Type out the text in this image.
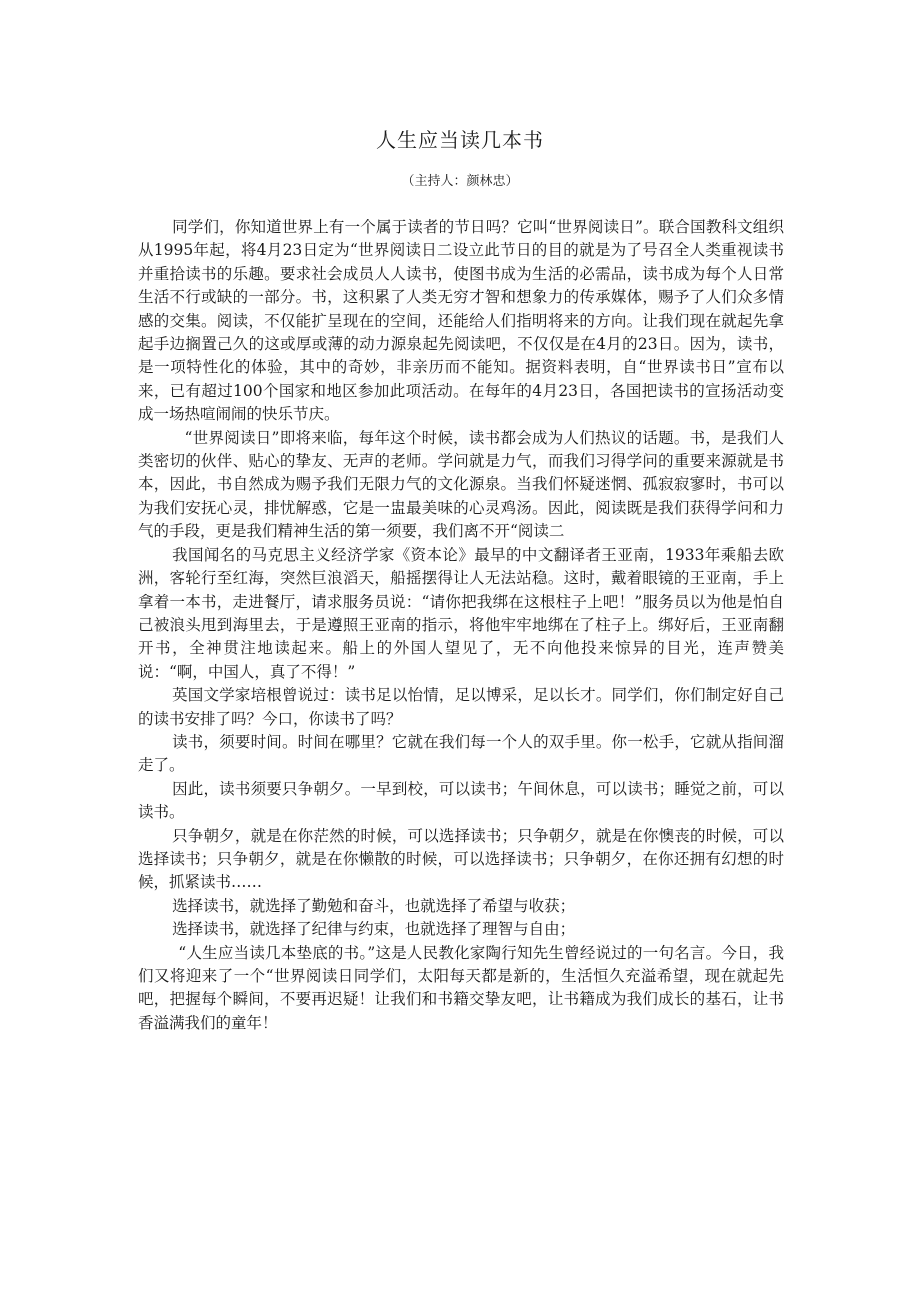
人生应当读几本书

（主持人：颜林忠）

同学们，你知道世界上有一个属于读者的节日吗？它叫“世界阅读日”。联合国教科文组织从1995年起，将4月23日定为“世界阅读日二设立此节日的目的就是为了号召全人类重视读书并重拾读书的乐趣。要求社会成员人人读书，使图书成为生活的必需品，读书成为每个人日常生活不行或缺的一部分。书，这积累了人类无穷才智和想象力的传承媒体，赐予了人们众多情感的交集。阅读，不仅能扩呈现在的空间，还能给人们指明将来的方向。让我们现在就起先拿起手边搁置己久的这或厚或薄的动力源泉起先阅读吧，不仅仅是在4月的23日。因为，读书，是一项特性化的体验，其中的奇妙，非亲历而不能知。据资料表明，自“世界读书日”宣布以来，已有超过100个国家和地区参加此项活动。在每年的4月23日，各国把读书的宣扬活动变成一场热喧闹闹的快乐节庆。

“世界阅读日”即将来临，每年这个时候，读书都会成为人们热议的话题。书，是我们人类密切的伙伴、贴心的挚友、无声的老师。学问就是力气，而我们习得学问的重要来源就是书本，因此，书自然成为赐予我们无限力气的文化源泉。当我们怀疑迷惘、孤寂寂寥时，书可以为我们安抚心灵，排忧解惑，它是一盅最美味的心灵鸡汤。因此，阅读既是我们获得学问和力气的手段，更是我们精神生活的第一须要，我们离不开“阅读二

我国闻名的马克思主义经济学家《资本论》最早的中文翻译者王亚南，1933年乘船去欧洲，客轮行至红海，突然巨浪滔天，船摇摆得让人无法站稳。这时，戴着眼镜的王亚南，手上拿着一本书，走进餐厅，请求服务员说：“请你把我绑在这根柱子上吧！”服务员以为他是怕自己被浪头甩到海里去，于是遵照王亚南的指示，将他牢牢地绑在了柱子上。绑好后，王亚南翻开书，全神贯注地读起来。船上的外国人望见了，无不向他投来惊异的目光，连声赞美说：“啊，中国人，真了不得！”

英国文学家培根曾说过：读书足以怡情，足以博采，足以长才。同学们，你们制定好自己的读书安排了吗？今口，你读书了吗？

读书，须要时间。时间在哪里？它就在我们每一个人的双手里。你一松手，它就从指间溜走了。

因此，读书须要只争朝夕。一早到校，可以读书；午间休息，可以读书；睡觉之前，可以读书。

只争朝夕，就是在你茫然的时候，可以选择读书；只争朝夕，就是在你懊丧的时候，可以选择读书；只争朝夕，就是在你懒散的时候，可以选择读书；只争朝夕，在你还拥有幻想的时候，抓紧读书……

选择读书，就选择了勤勉和奋斗，也就选择了希望与收获；

选择读书，就选择了纪律与约束，也就选择了理智与自由；

“人生应当读几本垫底的书。”这是人民教化家陶行知先生曾经说过的一句名言。今日，我们又将迎来了一个“世界阅读日同学们，太阳每天都是新的，生活恒久充溢希望，现在就起先吧，把握每个瞬间，不要再迟疑！让我们和书籍交挚友吧，让书籍成为我们成长的基石，让书香溢满我们的童年！
